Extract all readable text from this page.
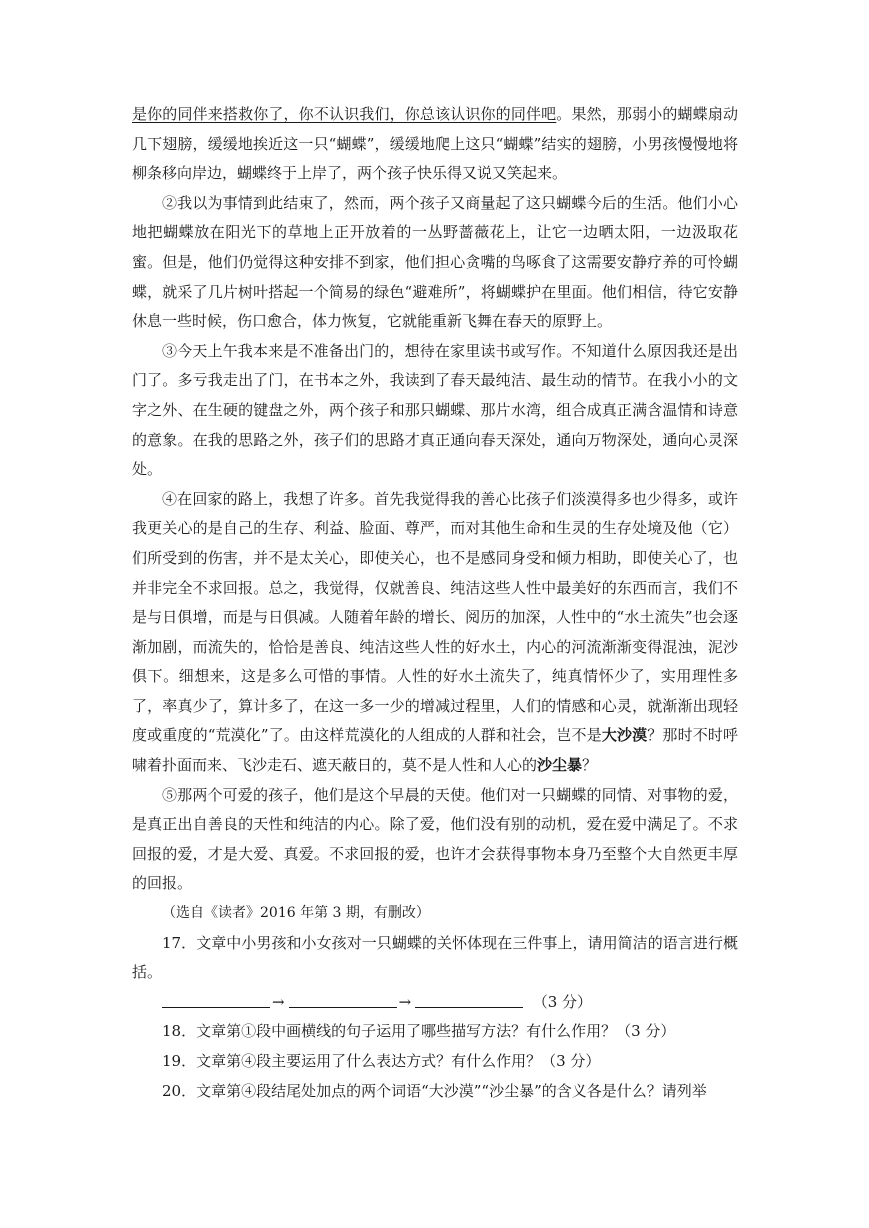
是你的同伴来搭救你了，你不认识我们，你总该认识你的同伴吧。果然，那弱小的蝴蝶扇动几下翅膀，缓缓地挨近这一只“蝴蝶”，缓缓地爬上这只“蝴蝶”结实的翅膀，小男孩慢慢地将柳条移向岸边，蝴蝶终于上岸了，两个孩子快乐得又说又笑起来。

②我以为事情到此结束了，然而，两个孩子又商量起了这只蝴蝶今后的生活。他们小心地把蝴蝶放在阳光下的草地上正开放着的一丛野蔷薇花上，让它一边晒太阳，一边汲取花蜜。但是，他们仍觉得这种安排不到家，他们担心贪嘴的鸟啄食了这需要安静疗养的可怜蝴蝶，就采了几片树叶搭起一个简易的绿色“避难所”，将蝴蝶护在里面。他们相信，待它安静休息一些时候，伤口愈合，体力恢复，它就能重新飞舞在春天的原野上。

③今天上午我本来是不准备出门的，想待在家里读书或写作。不知道什么原因我还是出门了。多亏我走出了门，在书本之外，我读到了春天最纯洁、最生动的情节。在我小小的文字之外、在生硬的键盘之外，两个孩子和那只蝴蝶、那片水湾，组合成真正满含温情和诗意的意象。在我的思路之外，孩子们的思路才真正通向春天深处，通向万物深处，通向心灵深处。

④在回家的路上，我想了许多。首先我觉得我的善心比孩子们淡漠得多也少得多，或许我更关心的是自己的生存、利益、脸面、尊严，而对其他生命和生灵的生存处境及他（它）们所受到的伤害，并不是太关心，即使关心，也不是感同身受和倾力相助，即使关心了，也并非完全不求回报。总之，我觉得，仅就善良、纯洁这些人性中最美好的东西而言，我们不是与日俱增，而是与日俱减。人随着年龄的增长、阅历的加深，人性中的“水土流失”也会逐渐加剧，而流失的，恰恰是善良、纯洁这些人性的好水土，内心的河流渐渐变得混浊，泥沙俱下。细想来，这是多么可惜的事情。人性的好水土流失了，纯真情怀少了，实用理性多了，率真少了，算计多了，在这一多一少的增减过程里，人们的情感和心灵，就渐渐出现轻度或重度的“荒漠化”了。由这样荒漠化的人组成的人群和社会，岂不是大沙漠？那时不时呼啸着扑面而来、飞沙走石、遮天蔽日的，莫不是人性和人心的沙尘暴？

⑤那两个可爱的孩子，他们是这个早晨的天使。他们对一只蝴蝶的同情、对事物的爱，是真正出自善良的天性和纯洁的内心。除了爱，他们没有别的动机，爱在爱中满足了。不求回报的爱，才是大爱、真爱。不求回报的爱，也许才会获得事物本身乃至整个大自然更丰厚的回报。

（选自《读者》2016 年第 3 期，有删改）

17．文章中小男孩和小女孩对一只蝴蝶的关怀体现在三件事上，请用简洁的语言进行概括。

→	→	（3 分）

18．文章第①段中画横线的句子运用了哪些描写方法？有什么作用？（3 分）

19．文章第④段主要运用了什么表达方式？有什么作用？（3 分）

20．文章第④段结尾处加点的两个词语“大沙漠”“沙尘暴”的含义各是什么？请列举
